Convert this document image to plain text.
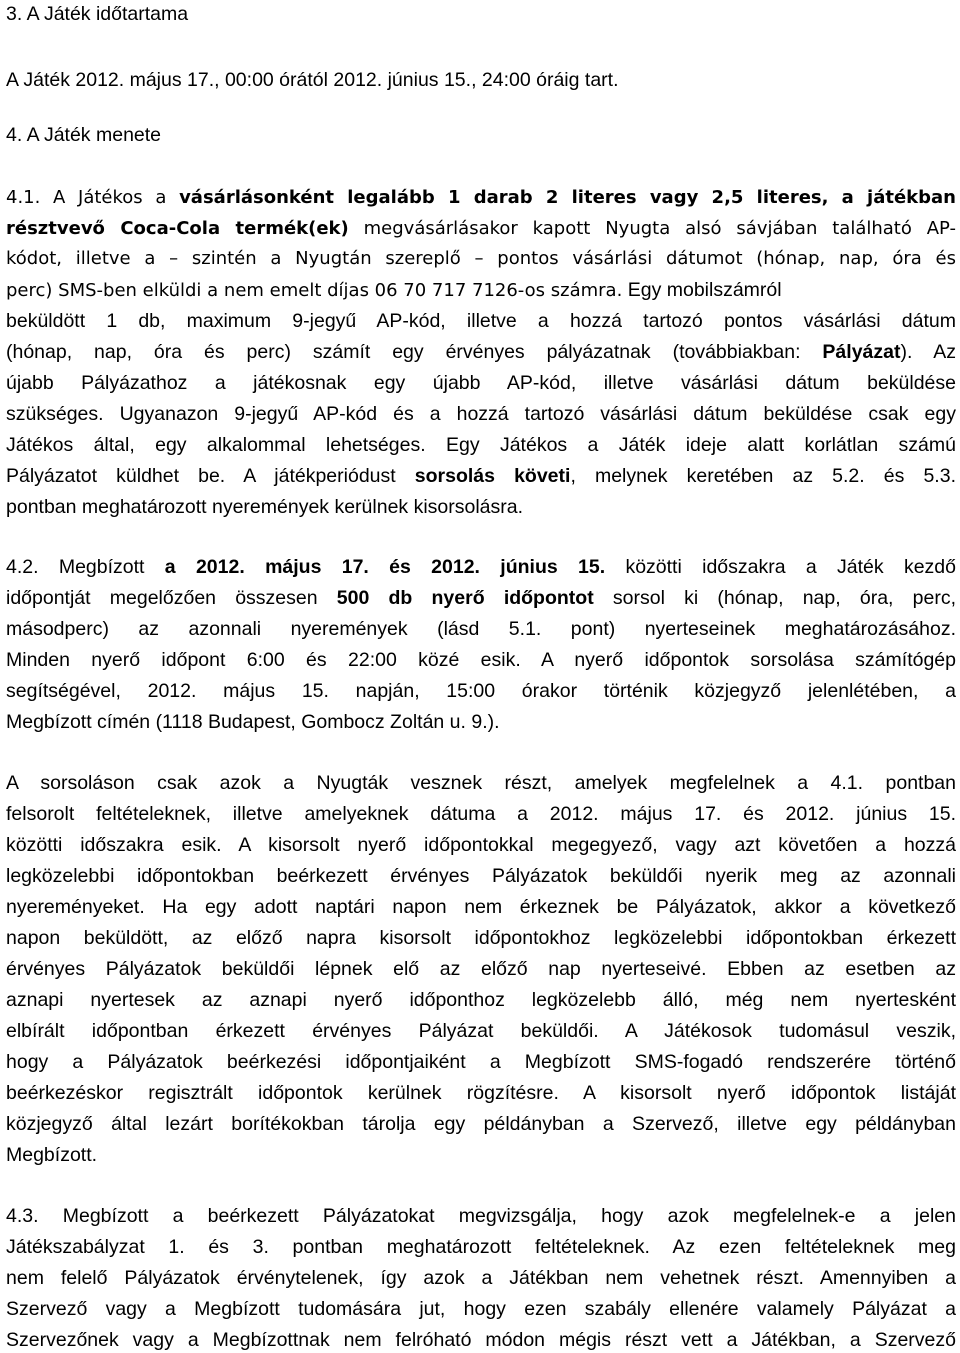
3. A Játék időtartama
A Játék 2012. május 17., 00:00 órától 2012. június 15., 24:00 óráig tart.
4. A Játék menete
4.1. A Játékos a vásárlásonként legalább 1 darab 2 literes vagy 2,5 literes, a játékban
résztvevő Coca-Cola termék(ek) megvásárlásakor kapott Nyugta alsó sávjában található AP-
kódot, illetve a – szintén a Nyugtán szereplő – pontos vásárlási dátumot (hónap, nap, óra és
perc) SMS-ben elküldi a nem emelt díjas 06 70 717 7126-os számra. Egy mobilszámról
beküldött 1 db, maximum 9-jegyű AP-kód, illetve a hozzá tartozó pontos vásárlási dátum
(hónap, nap, óra és perc) számít egy érvényes pályázatnak (továbbiakban: Pályázat). Az
újabb Pályázathoz a játékosnak egy újabb AP-kód, illetve vásárlási dátum beküldése
szükséges. Ugyanazon 9-jegyű AP-kód és a hozzá tartozó vásárlási dátum beküldése csak egy
Játékos által, egy alkalommal lehetséges. Egy Játékos a Játék ideje alatt korlátlan számú
Pályázatot küldhet be. A játékperiódust sorsolás követi, melynek keretében az 5.2. és 5.3.
pontban meghatározott nyeremények kerülnek kisorsolásra.
4.2. Megbízott a 2012. május 17. és 2012. június 15. közötti időszakra a Játék kezdő
időpontját megelőzően összesen 500 db nyerő időpontot sorsol ki (hónap, nap, óra, perc,
másodperc) az azonnali nyeremények (lásd 5.1. pont) nyerteseinek meghatározásához.
Minden nyerő időpont 6:00 és 22:00 közé esik. A nyerő időpontok sorsolása számítógép
segítségével, 2012. május 15. napján, 15:00 órakor történik közjegyző jelenlétében, a
Megbízott címén (1118 Budapest, Gombocz Zoltán u. 9.).
A sorsoláson csak azok a Nyugták vesznek részt, amelyek megfelelnek a 4.1. pontban
felsorolt feltételeknek, illetve amelyeknek dátuma a 2012. május 17. és 2012. június 15.
közötti időszakra esik. A kisorsolt nyerő időpontokkal megegyező, vagy azt követően a hozzá
legközelebbi időpontokban beérkezett érvényes Pályázatok beküldői nyerik meg az azonnali
nyereményeket. Ha egy adott naptári napon nem érkeznek be Pályázatok, akkor a következő
napon beküldött, az előző napra kisorsolt időpontokhoz legközelebbi időpontokban érkezett
érvényes Pályázatok beküldői lépnek elő az előző nap nyerteseivé. Ebben az esetben az
aznapi nyertesek az aznapi nyerő időponthoz legközelebb álló, még nem nyertesként
elbírált időpontban érkezett érvényes Pályázat beküldői. A Játékosok tudomásul veszik,
hogy a Pályázatok beérkezési időpontjaiként a Megbízott SMS-fogadó rendszerére történő
beérkezéskor regisztrált időpontok kerülnek rögzítésre. A kisorsolt nyerő időpontok listáját
közjegyző által lezárt borítékokban tárolja egy példányban a Szervező, illetve egy példányban
Megbízott.
4.3. Megbízott a beérkezett Pályázatokat megvizsgálja, hogy azok megfelelnek-e a jelen
Játékszabályzat 1. és 3. pontban meghatározott feltételeknek. Az ezen feltételeknek meg
nem felelő Pályázatok érvénytelenek, így azok a Játékban nem vehetnek részt. Amennyiben a
Szervező vagy a Megbízott tudomására jut, hogy ezen szabály ellenére valamely Pályázat a
Szervezőnek vagy a Megbízottnak nem felróható módon mégis részt vett a Játékban, a Szervező
